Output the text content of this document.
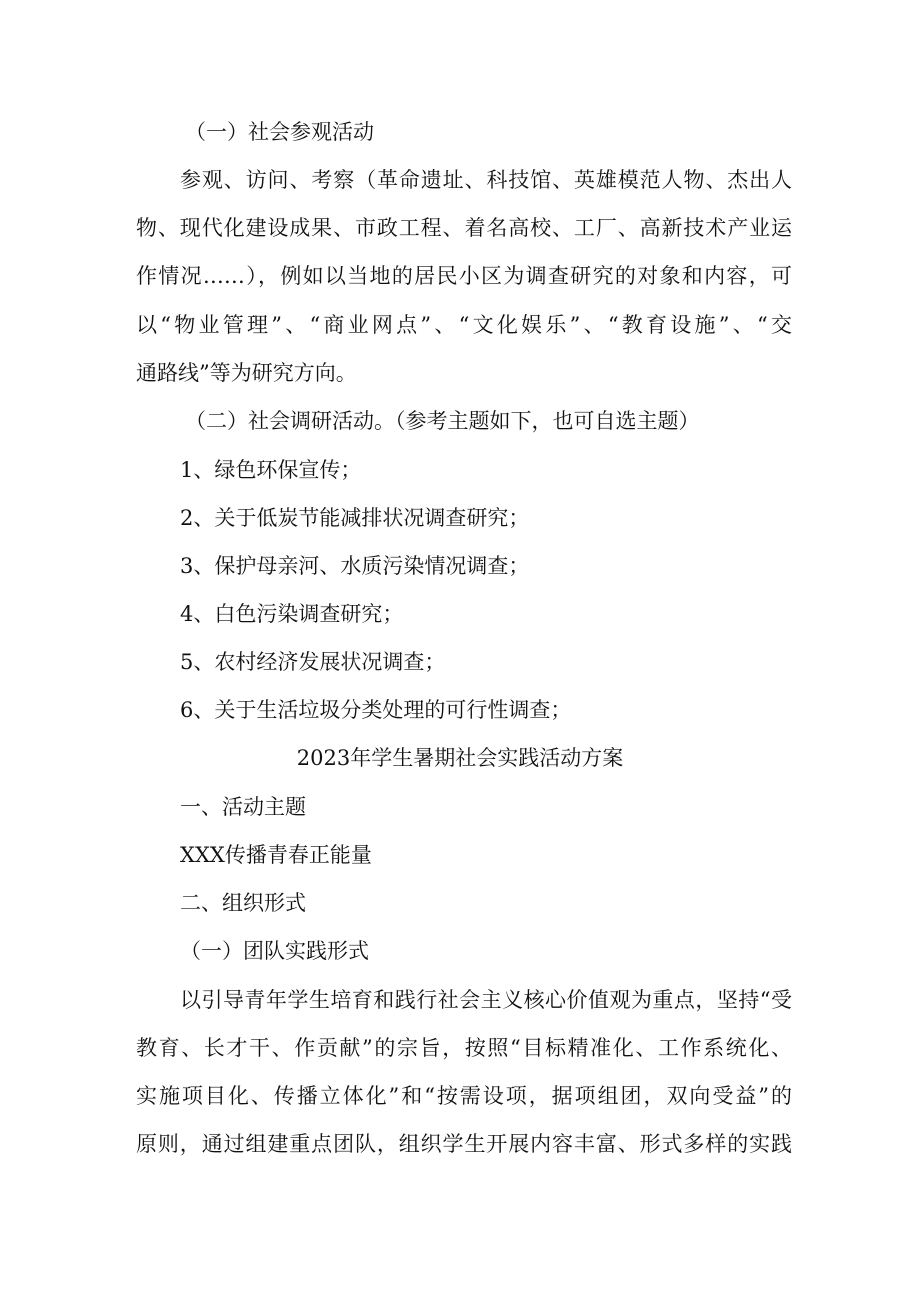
（一）社会参观活动

参观、访问、考察（革命遗址、科技馆、英雄模范人物、杰出人

物、现代化建设成果、市政工程、着名高校、工厂、高新技术产业运

作情况……），例如以当地的居民小区为调查研究的对象和内容，可

以“物业管理”、“商业网点”、“文化娱乐”、“教育设施”、“交

通路线”等为研究方向。

（二）社会调研活动。（参考主题如下，也可自选主题）

1、绿色环保宣传；

2、关于低炭节能减排状况调查研究；

3、保护母亲河、水质污染情况调查；

4、白色污染调查研究；

5、农村经济发展状况调查；

6、关于生活垃圾分类处理的可行性调查；

2023年学生暑期社会实践活动方案

一、活动主题

XXX传播青春正能量

二、组织形式

（一）团队实践形式

以引导青年学生培育和践行社会主义核心价值观为重点，坚持“受

教育、长才干、作贡献”的宗旨，按照“目标精准化、工作系统化、

实施项目化、传播立体化”和“按需设项，据项组团，双向受益”的

原则，通过组建重点团队，组织学生开展内容丰富、形式多样的实践
